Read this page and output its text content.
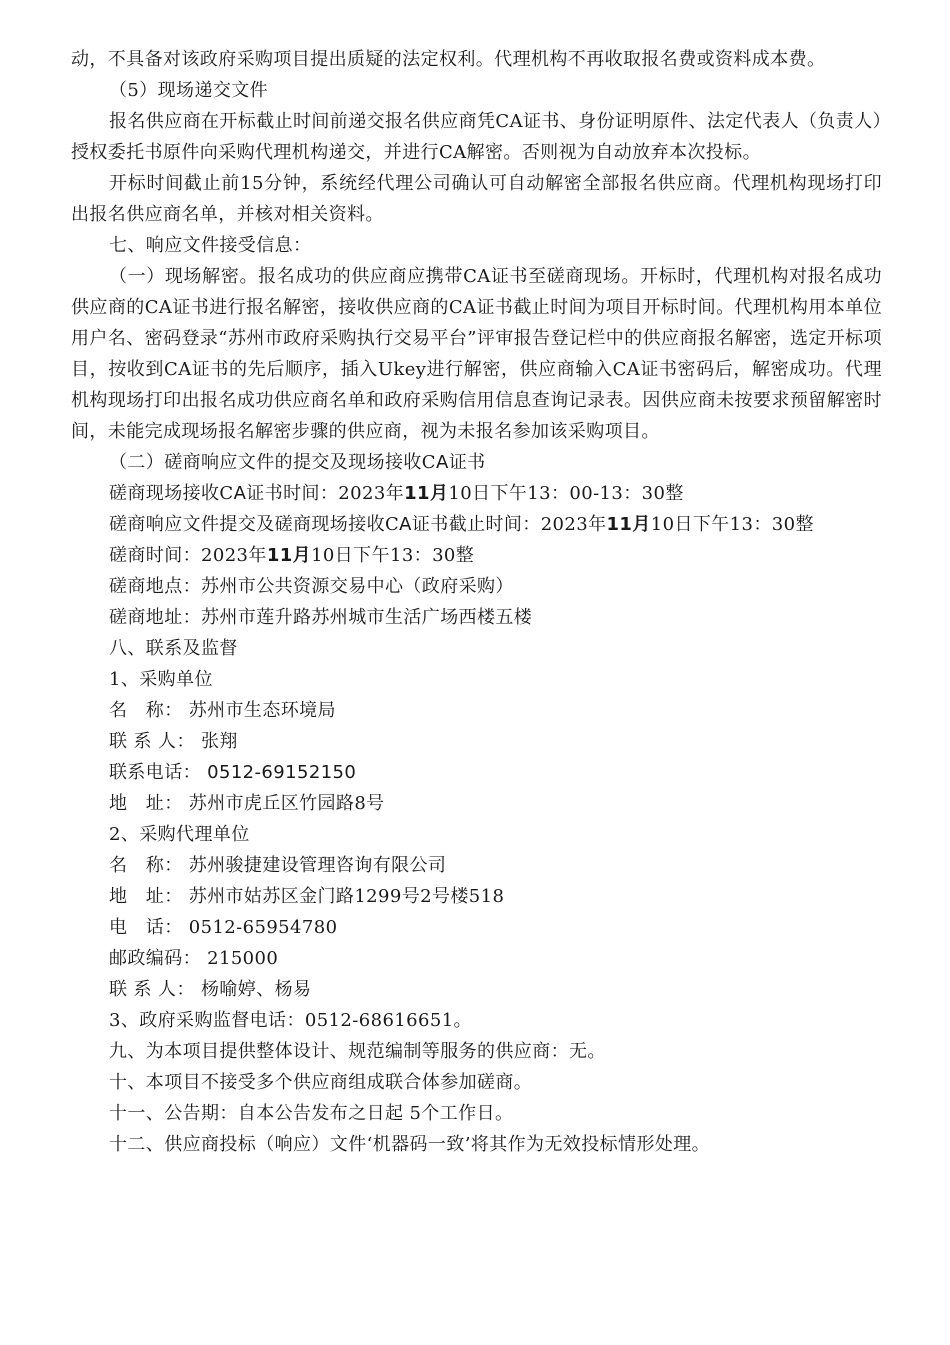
动，不具备对该政府采购项目提出质疑的法定权利。代理机构不再收取报名费或资料成本费。

（5）现场递交文件

报名供应商在开标截止时间前递交报名供应商凭CA证书、身份证明原件、法定代表人（负责人）授权委托书原件向采购代理机构递交，并进行CA解密。否则视为自动放弃本次投标。

开标时间截止前15分钟，系统经代理公司确认可自动解密全部报名供应商。代理机构现场打印出报名供应商名单，并核对相关资料。

七、响应文件接受信息：

（一）现场解密。报名成功的供应商应携带CA证书至磋商现场。开标时，代理机构对报名成功供应商的CA证书进行报名解密，接收供应商的CA证书截止时间为项目开标时间。代理机构用本单位用户名、密码登录“苏州市政府采购执行交易平台”评审报告登记栏中的供应商报名解密，选定开标项目，按收到CA证书的先后顺序，插入Ukey进行解密，供应商输入CA证书密码后，解密成功。代理机构现场打印出报名成功供应商名单和政府采购信用信息查询记录表。因供应商未按要求预留解密时间，未能完成现场报名解密步骤的供应商，视为未报名参加该采购项目。

（二）磋商响应文件的提交及现场接收CA证书

磋商现场接收CA证书时间：2023年11月10日下午13：00-13：30整

磋商响应文件提交及磋商现场接收CA证书截止时间：2023年11月10日下午13：30整

磋商时间：2023年11月10日下午13：30整

磋商地点：苏州市公共资源交易中心（政府采购）

磋商地址：苏州市莲升路苏州城市生活广场西楼五楼

八、联系及监督

1、采购单位

名　称： 苏州市生态环境局

联 系 人： 张翔

联系电话： 0512-69152150

地　址： 苏州市虎丘区竹园路8号

2、采购代理单位

名　称： 苏州骏捷建设管理咨询有限公司

地　址： 苏州市姑苏区金门路1299号2号楼518

电　话： 0512-65954780

邮政编码： 215000

联 系 人： 杨喻婷、杨易

3、政府采购监督电话：0512-68616651。

九、为本项目提供整体设计、规范编制等服务的供应商：无。

十、本项目不接受多个供应商组成联合体参加磋商。

十一、公告期：自本公告发布之日起 5个工作日。

十二、供应商投标（响应）文件‘机器码一致’将其作为无效投标情形处理。
